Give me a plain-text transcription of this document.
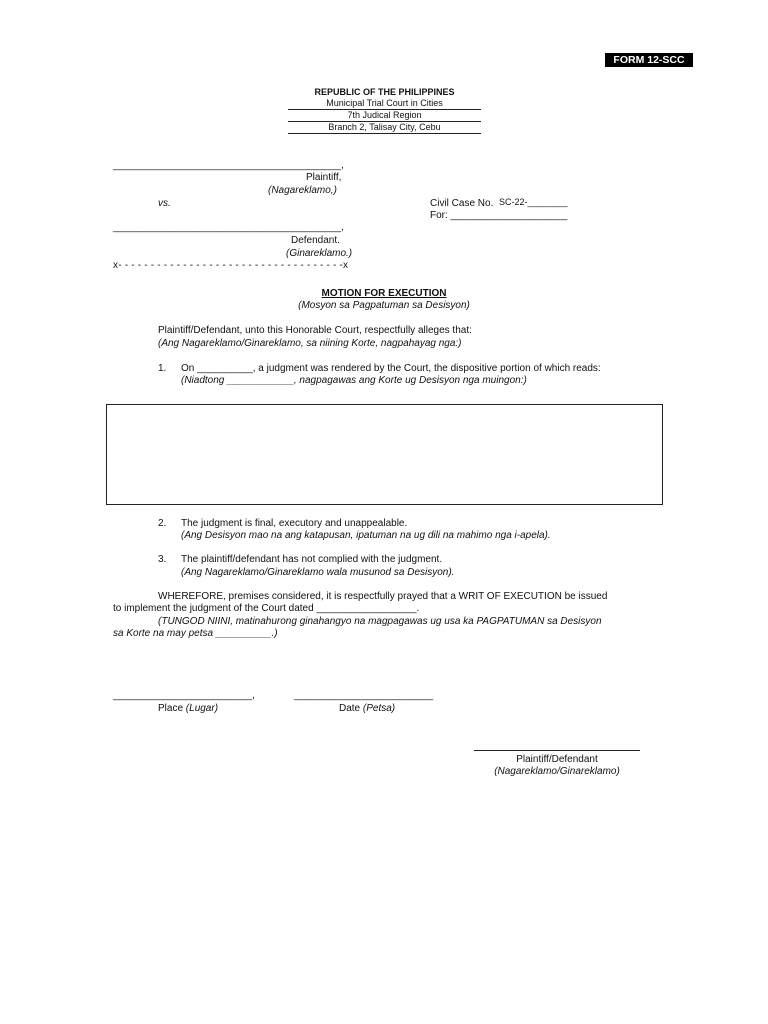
FORM 12-SCC
REPUBLIC OF THE PHILIPPINES
Municipal Trial Court in Cities
7th Judical Region
Branch 2, Talisay City, Cebu
_________________________________________,
Plaintiff,
(Nagareklamo,)
vs.	Civil Case No. SC-22-________
For: _____________________
_________________________________________,
Defendant.
(Ginareklamo.)
x- - - - - - - - - - - - - - - - - - - - - - - - - - - - - - - - - - -x
MOTION FOR EXECUTION
(Mosyon sa Pagpatuman sa Desisyon)
Plaintiff/Defendant, unto this Honorable Court, respectfully alleges that:
(Ang Nagareklamo/Ginareklamo, sa niining Korte, nagpahayag nga:)
1. On __________, a judgment was rendered by the Court, the dispositive portion of which reads:
(Niadtong ____________, nagpagawas ang Korte ug Desisyon nga muingon:)
2. The judgment is final, executory and unappealable.
(Ang Desisyon mao na ang katapusan, ipatuman na ug dili na mahimo nga i-apela).
3. The plaintiff/defendant has not complied with the judgment.
(Ang Nagareklamo/Ginareklamo wala musunod sa Desisyon).
WHEREFORE, premises considered, it is respectfully prayed that a WRIT OF EXECUTION be issued
to implement the judgment of the Court dated __________________.
(TUNGOD NIINI, matinahurong ginahangyo na magpagawas ug usa ka PAGPATUMAN sa Desisyon
sa Korte na may petsa __________.)
_________________________,	_________________________
Place (Lugar)	Date (Petsa)
Plaintiff/Defendant
(Nagareklamo/Ginareklamo)
